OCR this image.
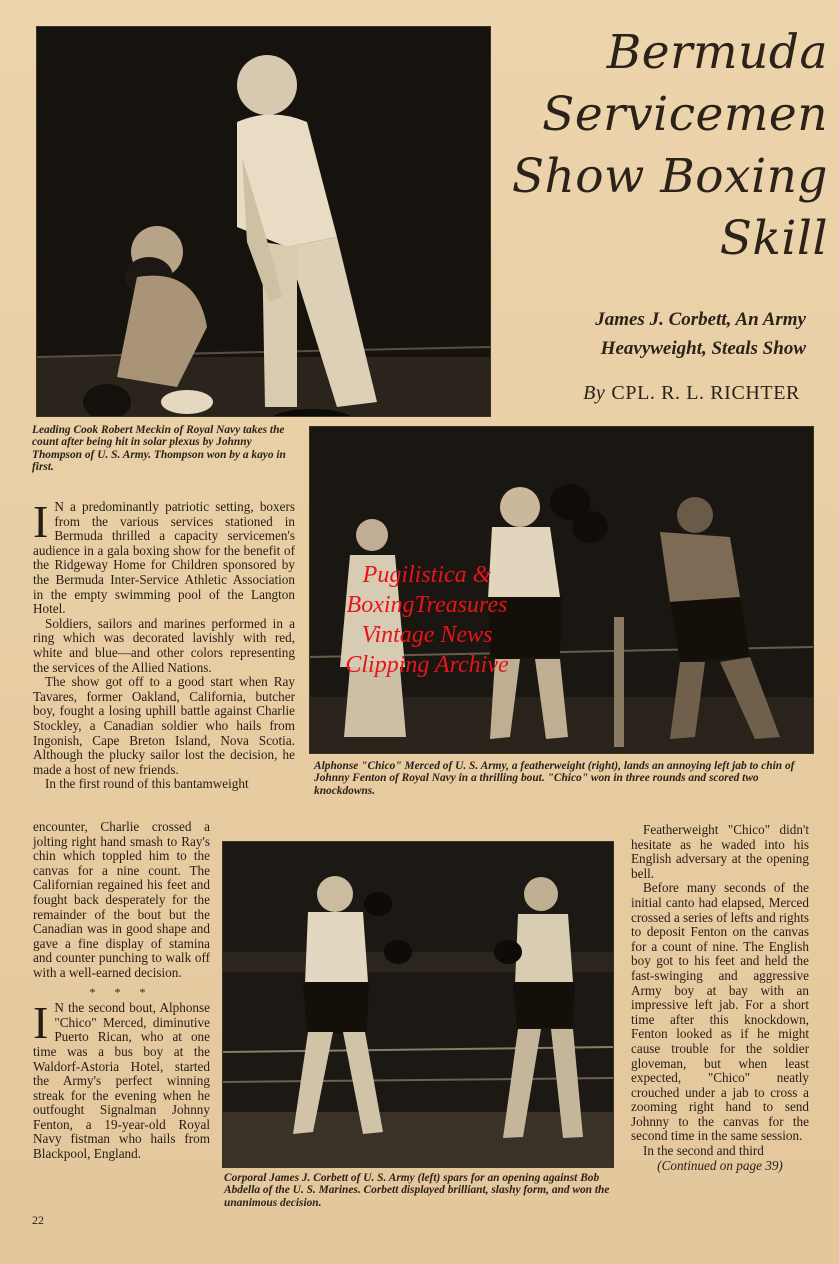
Bermuda
Servicemen
Show Boxing
Skill
James J. Corbett, An Army
Heavyweight, Steals Show
By CPL. R. L. RICHTER

Leading Cook Robert Meckin of Royal Navy takes the count after being hit in solar plexus by Johnny Thompson of U. S. Army. Thompson won by a kayo in first.

Pugilistica &
BoxingTreasures
Vintage News
Clipping Archive

Alphonse "Chico" Merced of U. S. Army, a featherweight (right), lands an annoying left jab to chin of Johnny Fenton of Royal Navy in a thrilling bout. "Chico" won in three rounds and scored two knockdowns.

I N a predominantly patriotic setting, boxers from the various services stationed in Bermuda thrilled a capacity servicemen's audience in a gala boxing show for the benefit of the Ridgeway Home for Children sponsored by the Bermuda Inter-Service Athletic Association in the empty swimming pool of the Langton Hotel.

Soldiers, sailors and marines performed in a ring which was decorated lavishly with red, white and blue—and other colors representing the services of the Allied Nations.

The show got off to a good start when Ray Tavares, former Oakland, California, butcher boy, fought a losing uphill battle against Charlie Stockley, a Canadian soldier who hails from Ingonish, Cape Breton Island, Nova Scotia. Although the plucky sailor lost the decision, he made a host of new friends.

In the first round of this bantamweight

encounter, Charlie crossed a jolting right hand smash to Ray's chin which toppled him to the canvas for a nine count. The Californian regained his feet and fought back desperately for the remainder of the bout but the Canadian was in good shape and gave a fine display of stamina and counter punching to walk off with a well-earned decision.

* * *

I N the second bout, Alphonse "Chico" Merced, diminutive Puerto Rican, who at one time was a bus boy at the Waldorf-Astoria Hotel, started the Army's perfect winning streak for the evening when he outfought Signalman Johnny Fenton, a 19-year-old Royal Navy fistman who hails from Blackpool, England.

Corporal James J. Corbett of U. S. Army (left) spars for an opening against Bob Abdella of the U. S. Marines. Corbett displayed brilliant, slashy form, and won the unanimous decision.

Featherweight "Chico" didn't hesitate as he waded into his English adversary at the opening bell.

Before many seconds of the initial canto had elapsed, Merced crossed a series of lefts and rights to deposit Fenton on the canvas for a count of nine. The English boy got to his feet and held the fast-swinging and aggressive Army boy at bay with an impressive left jab. For a short time after this knockdown, Fenton looked as if he might cause trouble for the soldier gloveman, but when least expected, "Chico" neatly crouched under a jab to cross a zooming right hand to send Johnny to the canvas for the second time in the same session.

In the second and third

(Continued on page 39)

22
